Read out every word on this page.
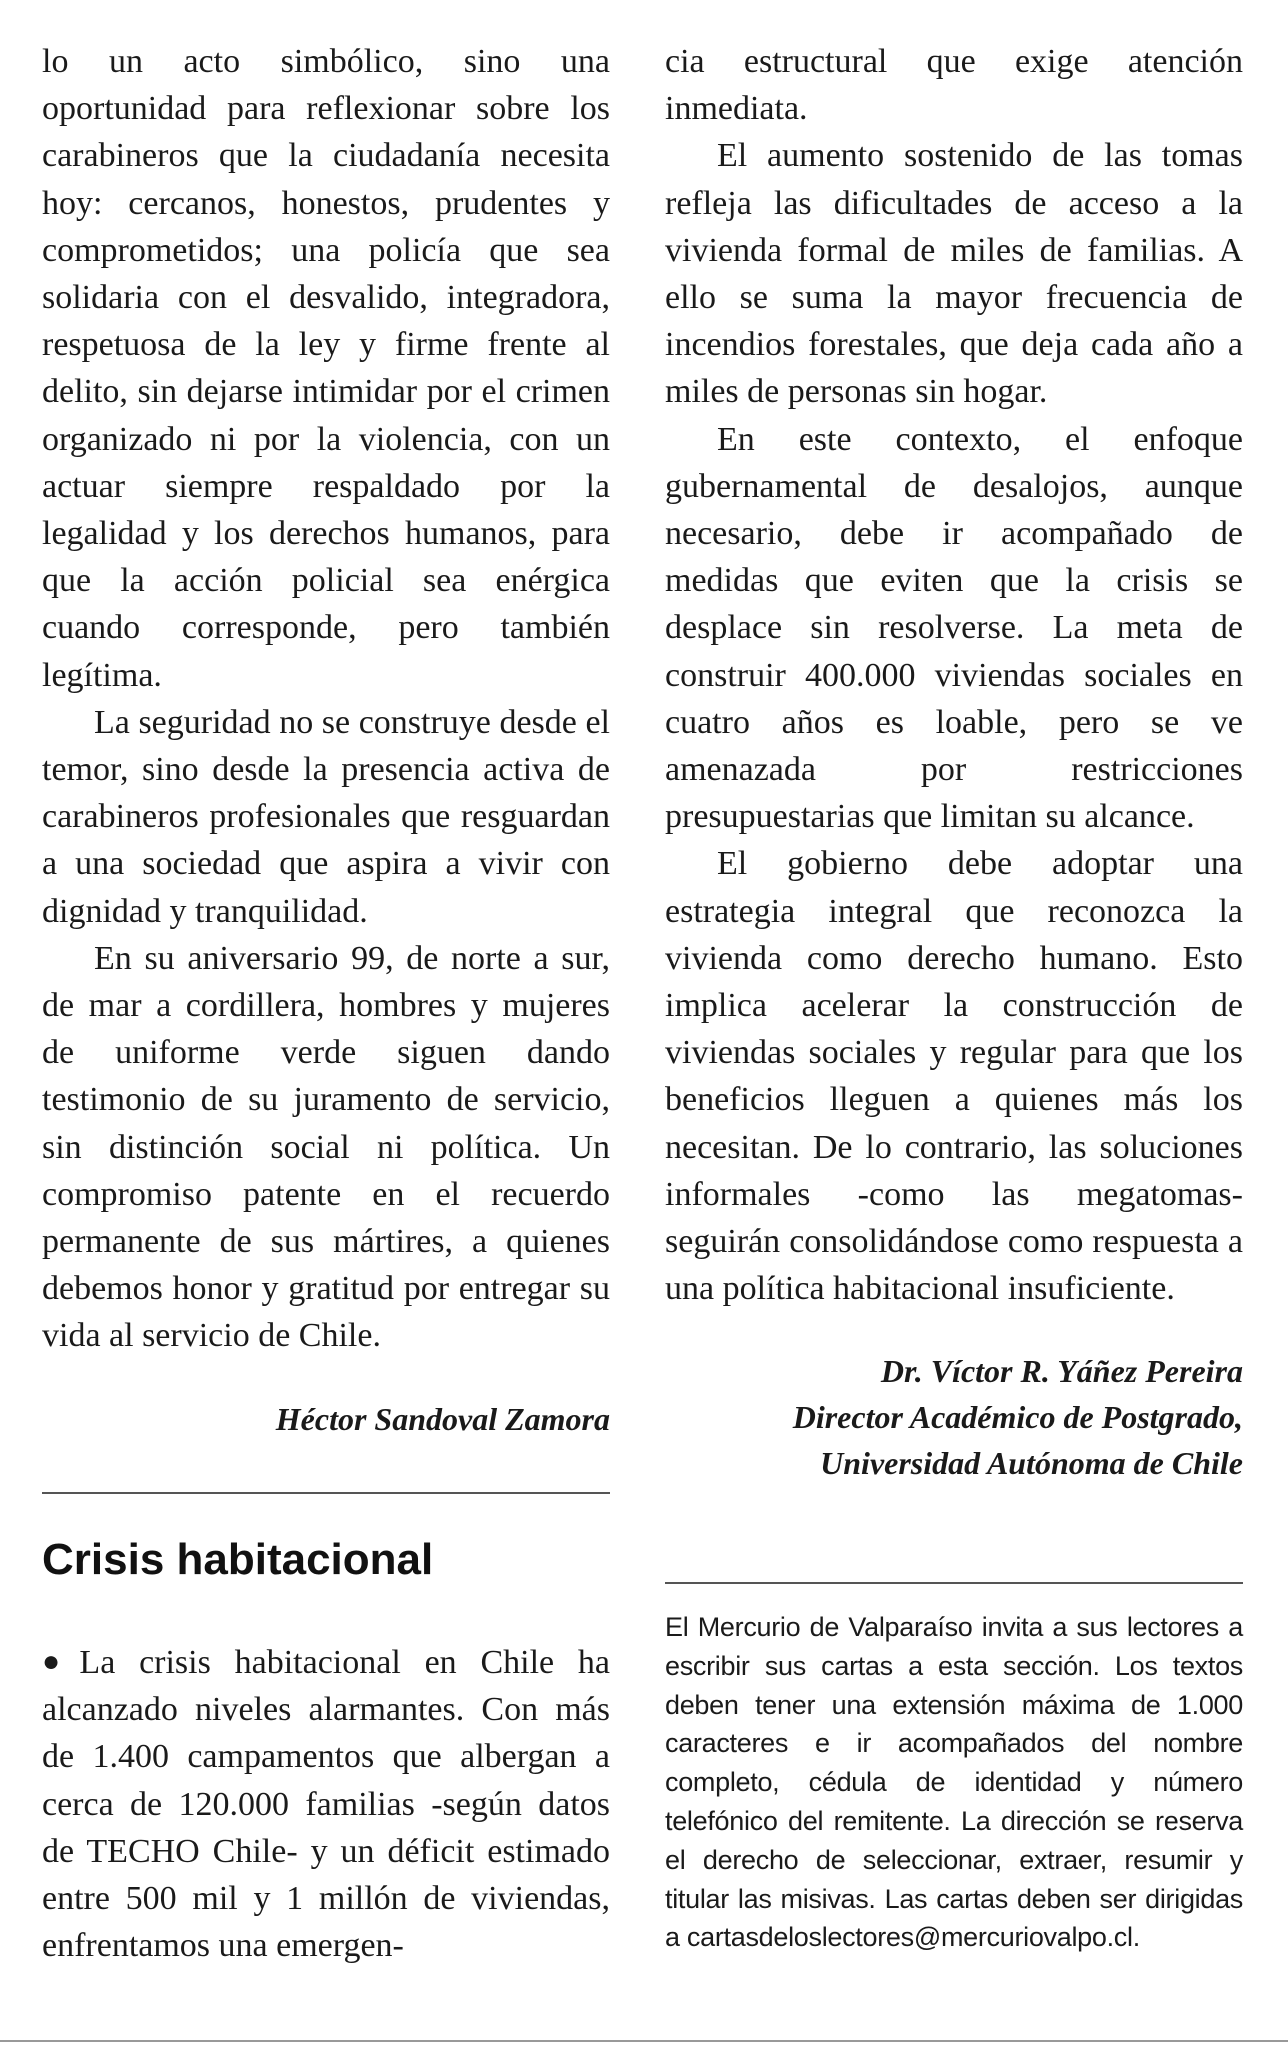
lo un acto simbólico, sino una oportunidad para reflexionar sobre los carabineros que la ciudadanía necesita hoy: cercanos, honestos, prudentes y comprometidos; una policía que sea solidaria con el desvalido, integradora, respetuosa de la ley y firme frente al delito, sin dejarse intimidar por el crimen organizado ni por la violencia, con un actuar siempre respaldado por la legalidad y los derechos humanos, para que la acción policial sea enérgica cuando corresponde, pero también legítima.

La seguridad no se construye desde el temor, sino desde la presencia activa de carabineros profesionales que resguardan a una sociedad que aspira a vivir con dignidad y tranquilidad.

En su aniversario 99, de norte a sur, de mar a cordillera, hombres y mujeres de uniforme verde siguen dando testimonio de su juramento de servicio, sin distinción social ni política. Un compromiso patente en el recuerdo permanente de sus mártires, a quienes debemos honor y gratitud por entregar su vida al servicio de Chile.

Héctor Sandoval Zamora

cia estructural que exige atención inmediata.

El aumento sostenido de las tomas refleja las dificultades de acceso a la vivienda formal de miles de familias. A ello se suma la mayor frecuencia de incendios forestales, que deja cada año a miles de personas sin hogar.

En este contexto, el enfoque gubernamental de desalojos, aunque necesario, debe ir acompañado de medidas que eviten que la crisis se desplace sin resolverse. La meta de construir 400.000 viviendas sociales en cuatro años es loable, pero se ve amenazada por restricciones presupuestarias que limitan su alcance.

El gobierno debe adoptar una estrategia integral que reconozca la vivienda como derecho humano. Esto implica acelerar la construcción de viviendas sociales y regular para que los beneficios lleguen a quienes más los necesitan. De lo contrario, las soluciones informales -como las megatomas- seguirán consolidándose como respuesta a una política habitacional insuficiente.

Dr. Víctor R. Yáñez Pereira

Director Académico de Postgrado,

Universidad Autónoma de Chile

Crisis habitacional

● La crisis habitacional en Chile ha alcanzado niveles alarmantes. Con más de 1.400 campamentos que albergan a cerca de 120.000 familias -según datos de TECHO Chile- y un déficit estimado entre 500 mil y 1 millón de viviendas, enfrentamos una emergen-

El Mercurio de Valparaíso invita a sus lectores a escribir sus cartas a esta sección. Los textos deben tener una extensión máxima de 1.000 caracteres e ir acompañados del nombre completo, cédula de identidad y número telefónico del remitente. La dirección se reserva el derecho de seleccionar, extraer, resumir y titular las misivas. Las cartas deben ser dirigidas a cartasdeloslectores@mercuriovalpo.cl.
